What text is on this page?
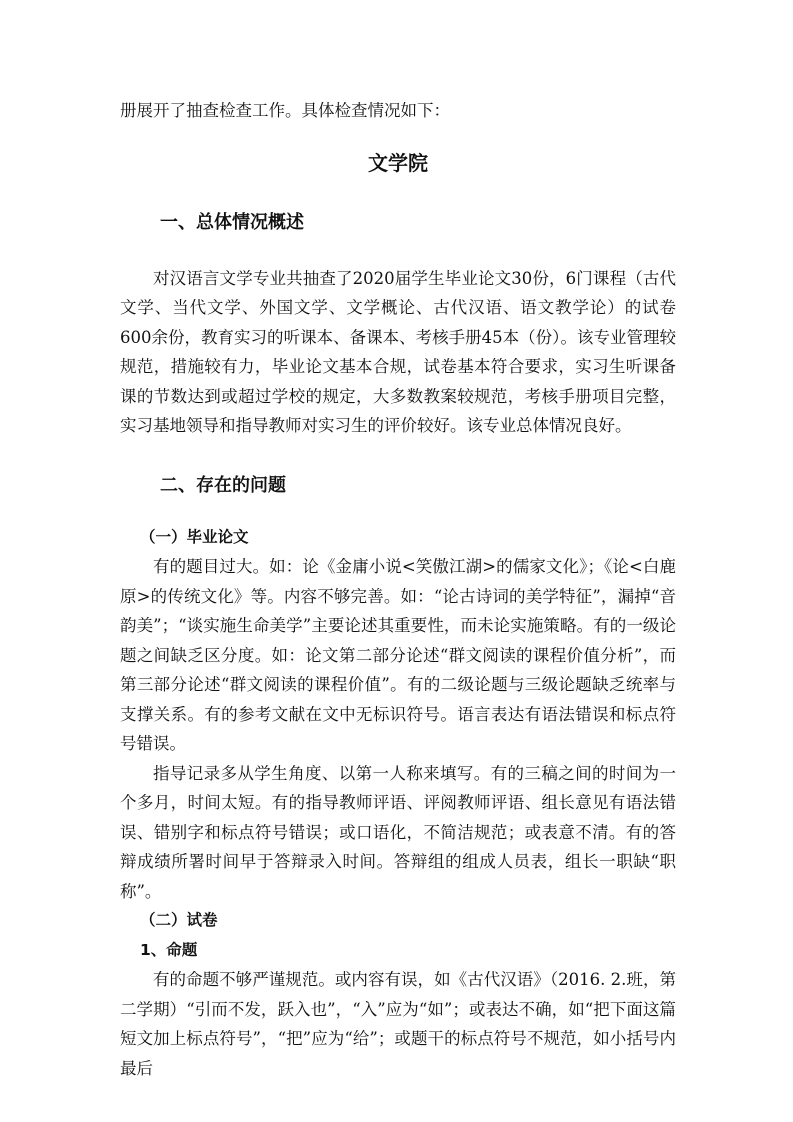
册展开了抽查检查工作。具体检查情况如下：

文学院
一、总体情况概述

对汉语言文学专业共抽查了2020届学生毕业论文30份，6门课程（古代文学、当代文学、外国文学、文学概论、古代汉语、语文教学论）的试卷600余份，教育实习的听课本、备课本、考核手册45本（份）。该专业管理较规范，措施较有力，毕业论文基本合规，试卷基本符合要求，实习生听课备课的节数达到或超过学校的规定，大多数教案较规范，考核手册项目完整，实习基地领导和指导教师对实习生的评价较好。该专业总体情况良好。

二、存在的问题
（一）毕业论文

有的题目过大。如：论《金庸小说<笑傲江湖>的儒家文化》；《论<白鹿原>的传统文化》等。内容不够完善。如：“论古诗词的美学特征”，漏掉“音韵美”；“谈实施生命美学”主要论述其重要性，而未论实施策略。有的一级论题之间缺乏区分度。如：论文第二部分论述“群文阅读的课程价值分析”，而第三部分论述“群文阅读的课程价值”。有的二级论题与三级论题缺乏统率与支撑关系。有的参考文献在文中无标识符号。语言表达有语法错误和标点符号错误。

指导记录多从学生角度、以第一人称来填写。有的三稿之间的时间为一个多月，时间太短。有的指导教师评语、评阅教师评语、组长意见有语法错误、错别字和标点符号错误；或口语化，不简洁规范；或表意不清。有的答辩成绩所署时间早于答辩录入时间。答辩组的组成人员表，组长一职缺“职称”。

（二）试卷
1、命题

有的命题不够严谨规范。或内容有误，如《古代汉语》（2016. 2.班，第二学期）“引而不发，跃入也”，“入”应为“如”；或表达不确，如“把下面这篇短文加上标点符号”，“把”应为“给”；或题干的标点符号不规范，如小括号内最后
